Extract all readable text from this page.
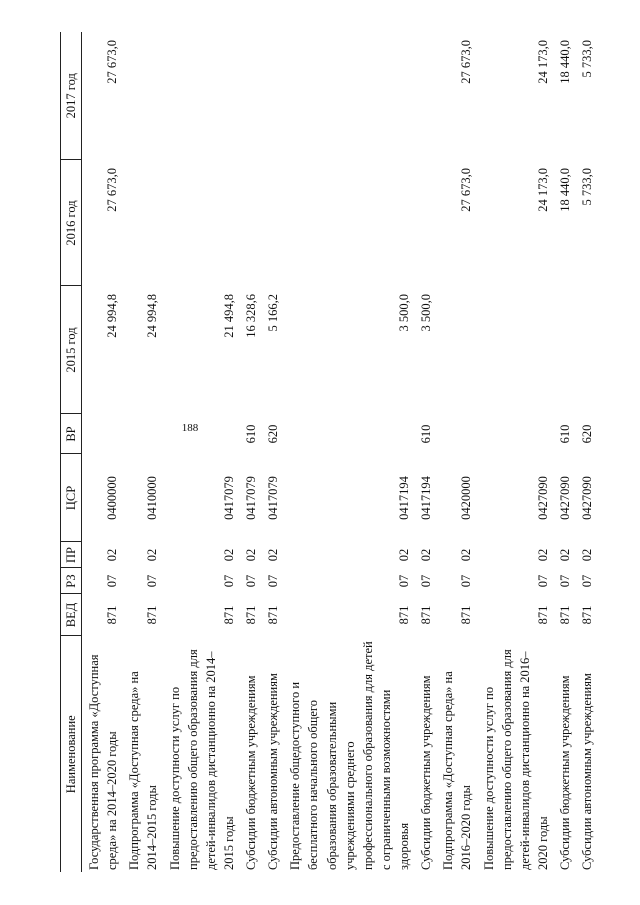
188
Наименование	ВЕД	РЗ	ПР	ЦСР	ВР	2015 год	2016 год	2017 год
Государственная программа «Доступная среда» на 2014–2020 годы	871	07	02	0400000		24 994,8	27 673,0	27 673,0
Подпрограмма «Доступная среда» на 2014–2015 годы	871	07	02	0410000		24 994,8		
Повышение доступности услуг по предоставлению общего образования для детей-инвалидов дистанционно на 2014–2015 годы	871	07	02	0417079		21 494,8		
Субсидии бюджетным учреждениям	871	07	02	0417079	610	16 328,6		
Субсидии автономным учреждениям	871	07	02	0417079	620	5 166,2		
Предоставление общедоступного и бесплатного начального общего образования образовательными учреждениями среднего профессионального образования для детей с ограниченными возможностями здоровья	871	07	02	0417194		3 500,0		
Субсидии бюджетным учреждениям	871	07	02	0417194	610	3 500,0		
Подпрограмма «Доступная среда» на 2016–2020 годы	871	07	02	0420000			27 673,0	27 673,0
Повышение доступности услуг по предоставлению общего образования для детей-инвалидов дистанционно на 2016–2020 годы	871	07	02	0427090			24 173,0	24 173,0
Субсидии бюджетным учреждениям	871	07	02	0427090	610		18 440,0	18 440,0
Субсидии автономным учреждениям	871	07	02	0427090	620		5 733,0	5 733,0
